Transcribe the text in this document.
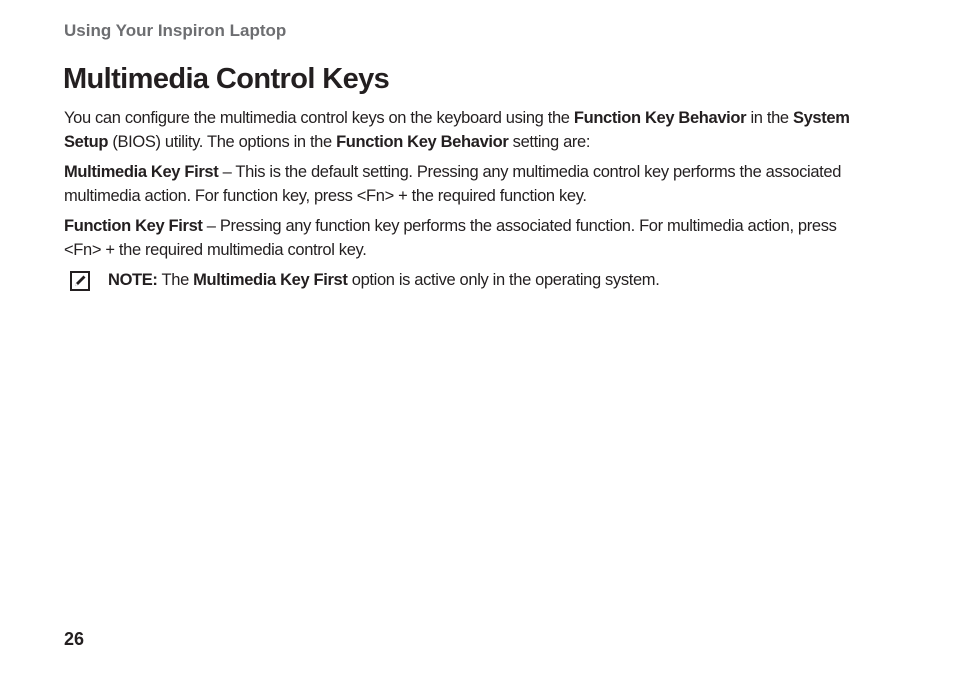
Using Your Inspiron Laptop
Multimedia Control Keys

You can configure the multimedia control keys on the keyboard using the Function Key Behavior in the System Setup (BIOS) utility. The options in the Function Key Behavior setting are:

Multimedia Key First – This is the default setting. Pressing any multimedia control key performs the associated multimedia action. For function key, press <Fn> + the required function key.

Function Key First – Pressing any function key performs the associated function. For multimedia action, press <Fn> + the required multimedia control key.

NOTE: The Multimedia Key First option is active only in the operating system.

26
